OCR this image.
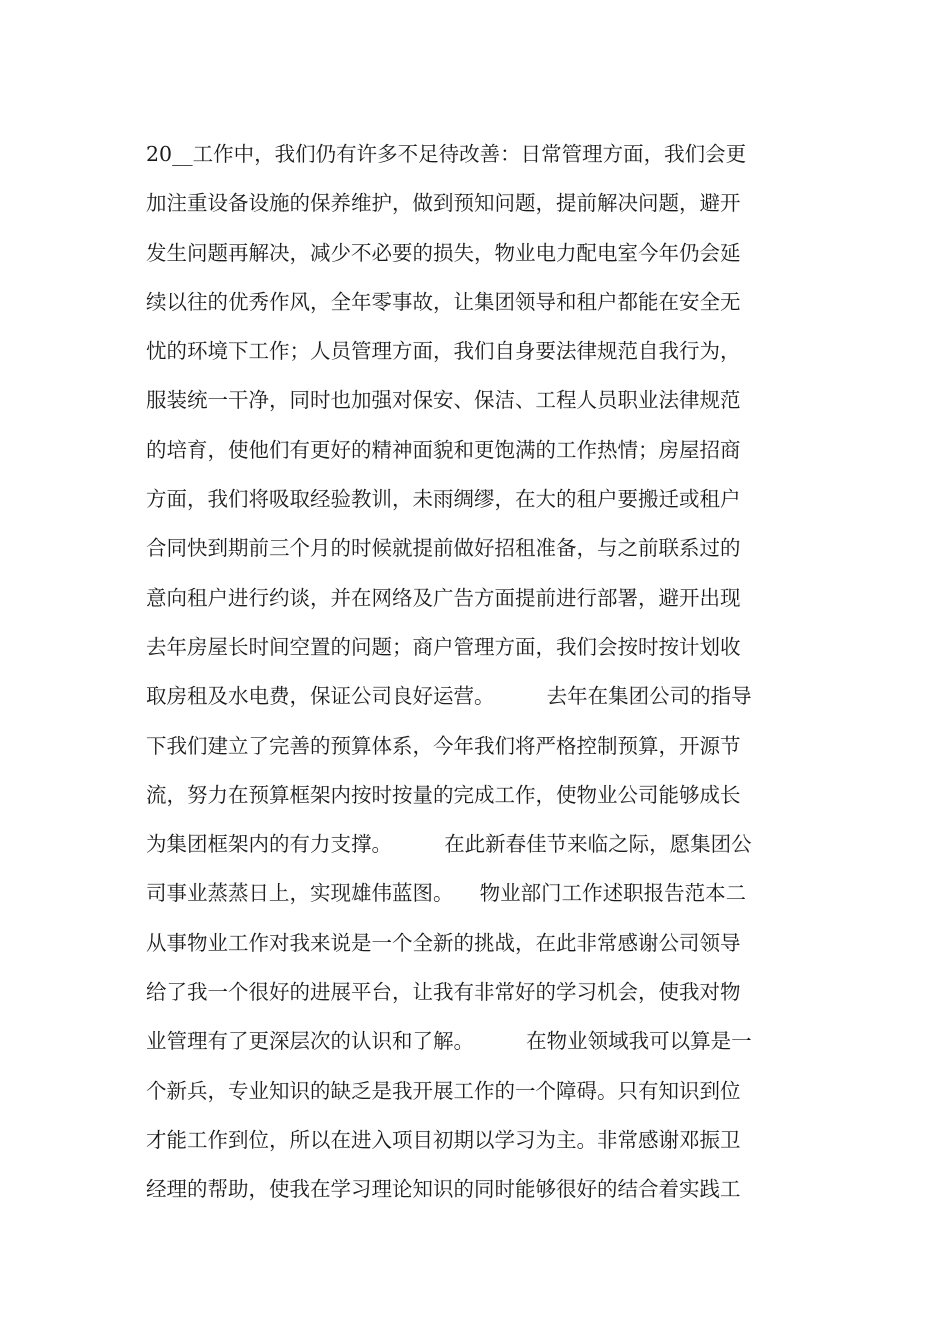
20__工作中，我们仍有许多不足待改善：日常管理方面，我们会更
加注重设备设施的保养维护，做到预知问题，提前解决问题，避开
发生问题再解决，减少不必要的损失，物业电力配电室今年仍会延
续以往的优秀作风，全年零事故，让集团领导和租户都能在安全无
忧的环境下工作；人员管理方面，我们自身要法律规范自我行为，
服装统一干净，同时也加强对保安、保洁、工程人员职业法律规范
的培育，使他们有更好的精神面貌和更饱满的工作热情；房屋招商
方面，我们将吸取经验教训，未雨绸缪，在大的租户要搬迁或租户
合同快到期前三个月的时候就提前做好招租准备，与之前联系过的
意向租户进行约谈，并在网络及广告方面提前进行部署，避开出现
去年房屋长时间空置的问题；商户管理方面，我们会按时按计划收
取房租及水电费，保证公司良好运营。        去年在集团公司的指导
下我们建立了完善的预算体系，今年我们将严格控制预算，开源节
流，努力在预算框架内按时按量的完成工作，使物业公司能够成长
为集团框架内的有力支撑。        在此新春佳节来临之际，愿集团公
司事业蒸蒸日上，实现雄伟蓝图。    物业部门工作述职报告范本二
从事物业工作对我来说是一个全新的挑战，在此非常感谢公司领导
给了我一个很好的进展平台，让我有非常好的学习机会，使我对物
业管理有了更深层次的认识和了解。        在物业领域我可以算是一
个新兵，专业知识的缺乏是我开展工作的一个障碍。只有知识到位
才能工作到位，所以在进入项目初期以学习为主。非常感谢邓振卫
经理的帮助，使我在学习理论知识的同时能够很好的结合着实践工
